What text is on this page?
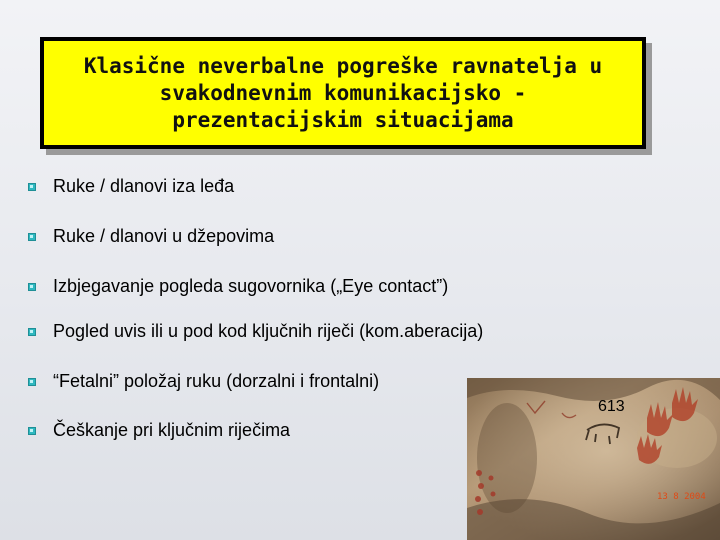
Klasične neverbalne pogreške ravnatelja u
svakodnevnim komunikacijsko -
prezentacijskim situacijama
Ruke / dlanovi iza leđa
Ruke / dlanovi u džepovima
Izbjegavanje pogleda sugovornika („Eye contact”)
Pogled uvis ili u pod kod ključnih riječi (kom.aberacija)
“Fetalni” položaj ruku (dorzalni i frontalni)
Češkanje pri ključnim riječima
613
13 8 2004
